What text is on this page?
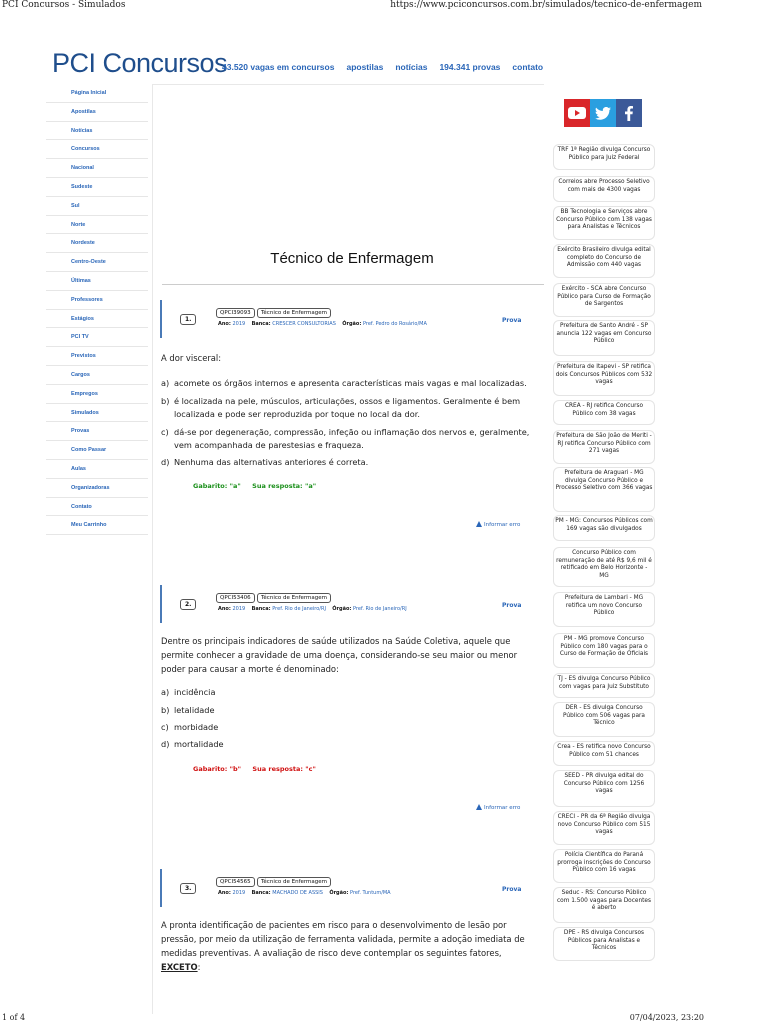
PCI Concursos - Simulados	https://www.pciconcursos.com.br/simulados/tecnico-de-enfermagem
1 of 4	07/04/2023, 23:20
PCI Concursos
43.520 vagas em concursos apostilas notícias 194.341 provas contato
Página Inicial
Apostilas
Notícias
Concursos
Nacional
Sudeste
Sul
Norte
Nordeste
Centro-Oeste
Últimas
Professores
Estágios
PCI TV
Previstos
Cargos
Empregos
Simulados
Provas
Como Passar
Aulas
Organizadoras
Contato
Meu Carrinho
Técnico de Enfermagem
1.
QPCI39093	Técnico de Enfermagem
Ano: 2019 Banca: CRESCER CONSULTORIAS Órgão: Pref. Pedro do Rosário/MA	Prova
A dor visceral:
a) acomete os órgãos internos e apresenta características mais vagas e mal localizadas.
b) é localizada na pele, músculos, articulações, ossos e ligamentos. Geralmente é bem localizada e pode ser reproduzida por toque no local da dor.
c) dá-se por degeneração, compressão, infeção ou inflamação dos nervos e, geralmente, vem acompanhada de parestesias e fraqueza.
d) Nenhuma das alternativas anteriores é correta.
Gabarito: "a" Sua resposta: "a"
Informar erro
2.
QPCI53406	Técnico de Enfermagem
Ano: 2019 Banca: Pref. Rio de Janeiro/RJ Órgão: Pref. Rio de Janeiro/RJ	Prova
Dentre os principais indicadores de saúde utilizados na Saúde Coletiva, aquele que permite conhecer a gravidade de uma doença, considerando-se seu maior ou menor poder para causar a morte é denominado:
a) incidência
b) letalidade
c) morbidade
d) mortalidade
Gabarito: "b" Sua resposta: "c"
Informar erro
3.
QPCI54565	Técnico de Enfermagem
Ano: 2019 Banca: MACHADO DE ASSIS Órgão: Pref. Tuntum/MA	Prova
A pronta identificação de pacientes em risco para o desenvolvimento de lesão por pressão, por meio da utilização de ferramenta validada, permite a adoção imediata de medidas preventivas. A avaliação de risco deve contemplar os seguintes fatores, EXCETO:
TRF 1ª Região divulga Concurso Público para Juiz Federal
Correios abre Processo Seletivo com mais de 4300 vagas
BB Tecnologia e Serviços abre Concurso Público com 138 vagas para Analistas e Técnicos
Exército Brasileiro divulga edital completo do Concurso de Admissão com 440 vagas
Exército - SCA abre Concurso Público para Curso de Formação de Sargentos
Prefeitura de Santo André - SP anuncia 122 vagas em Concurso Público
Prefeitura de Itapevi - SP retifica dois Concursos Públicos com 532 vagas
CREA - RJ retifica Concurso Público com 38 vagas
Prefeitura de São João de Meriti - RJ retifica Concurso Público com 271 vagas
Prefeitura de Araguari - MG divulga Concurso Público e Processo Seletivo com 366 vagas
PM - MG: Concursos Públicos com 169 vagas são divulgados
Concurso Público com remuneração de até R$ 9,6 mil é retificado em Belo Horizonte - MG
Prefeitura de Lambari - MG retifica um novo Concurso Público
PM - MG promove Concurso Público com 180 vagas para o Curso de Formação de Oficiais
TJ - ES divulga Concurso Público com vagas para Juiz Substituto
DER - ES divulga Concurso Público com 506 vagas para Técnico
Crea - ES retifica novo Concurso Público com 51 chances
SEED - PR divulga edital do Concurso Público com 1256 vagas
CRECI - PR da 6ª Região divulga novo Concurso Público com 515 vagas
Polícia Científica do Paraná prorroga inscrições do Concurso Público com 16 vagas
Seduc - RS: Concurso Público com 1.500 vagas para Docentes é aberto
DPE - RS divulga Concursos Públicos para Analistas e Técnicos
